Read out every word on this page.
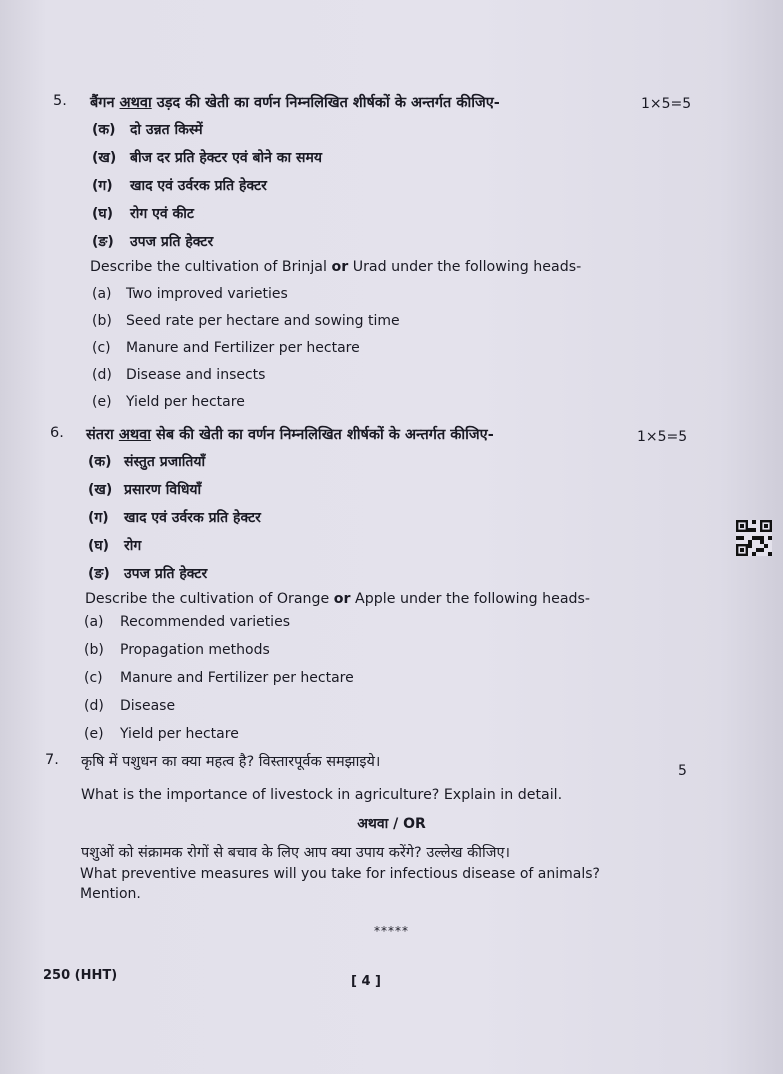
5. बैंगन अथवा उड़द की खेती का वर्णन निम्नलिखित शीर्षकों के अन्तर्गत कीजिए-	1×5=5
(क) दो उन्नत किस्में
(ख) बीज दर प्रति हेक्टर एवं बोने का समय
(ग) खाद एवं उर्वरक प्रति हेक्टर
(घ) रोग एवं कीट
(ङ) उपज प्रति हेक्टर
Describe the cultivation of Brinjal or Urad under the following heads-
(a) Two improved varieties
(b) Seed rate per hectare and sowing time
(c) Manure and Fertilizer per hectare
(d) Disease and insects
(e) Yield per hectare
6. संतरा अथवा सेब की खेती का वर्णन निम्नलिखित शीर्षकों के अन्तर्गत कीजिए-	1×5=5
(क) संस्तुत प्रजातियाँ
(ख) प्रसारण विधियाँ
(ग) खाद एवं उर्वरक प्रति हेक्टर
(घ) रोग
(ङ) उपज प्रति हेक्टर
Describe the cultivation of Orange or Apple under the following heads-
(a) Recommended varieties
(b) Propagation methods
(c) Manure and Fertilizer per hectare
(d) Disease
(e) Yield per hectare
7. कृषि में पशुधन का क्या महत्व है? विस्तारपूर्वक समझाइये।
5
What is the importance of livestock in agriculture? Explain in detail.
अथवा / OR
पशुओं को संक्रामक रोगों से बचाव के लिए आप क्या उपाय करेंगे? उल्लेख कीजिए।
What preventive measures will you take for infectious disease of animals?
Mention.
*****
250 (HHT)	[ 4 ]
